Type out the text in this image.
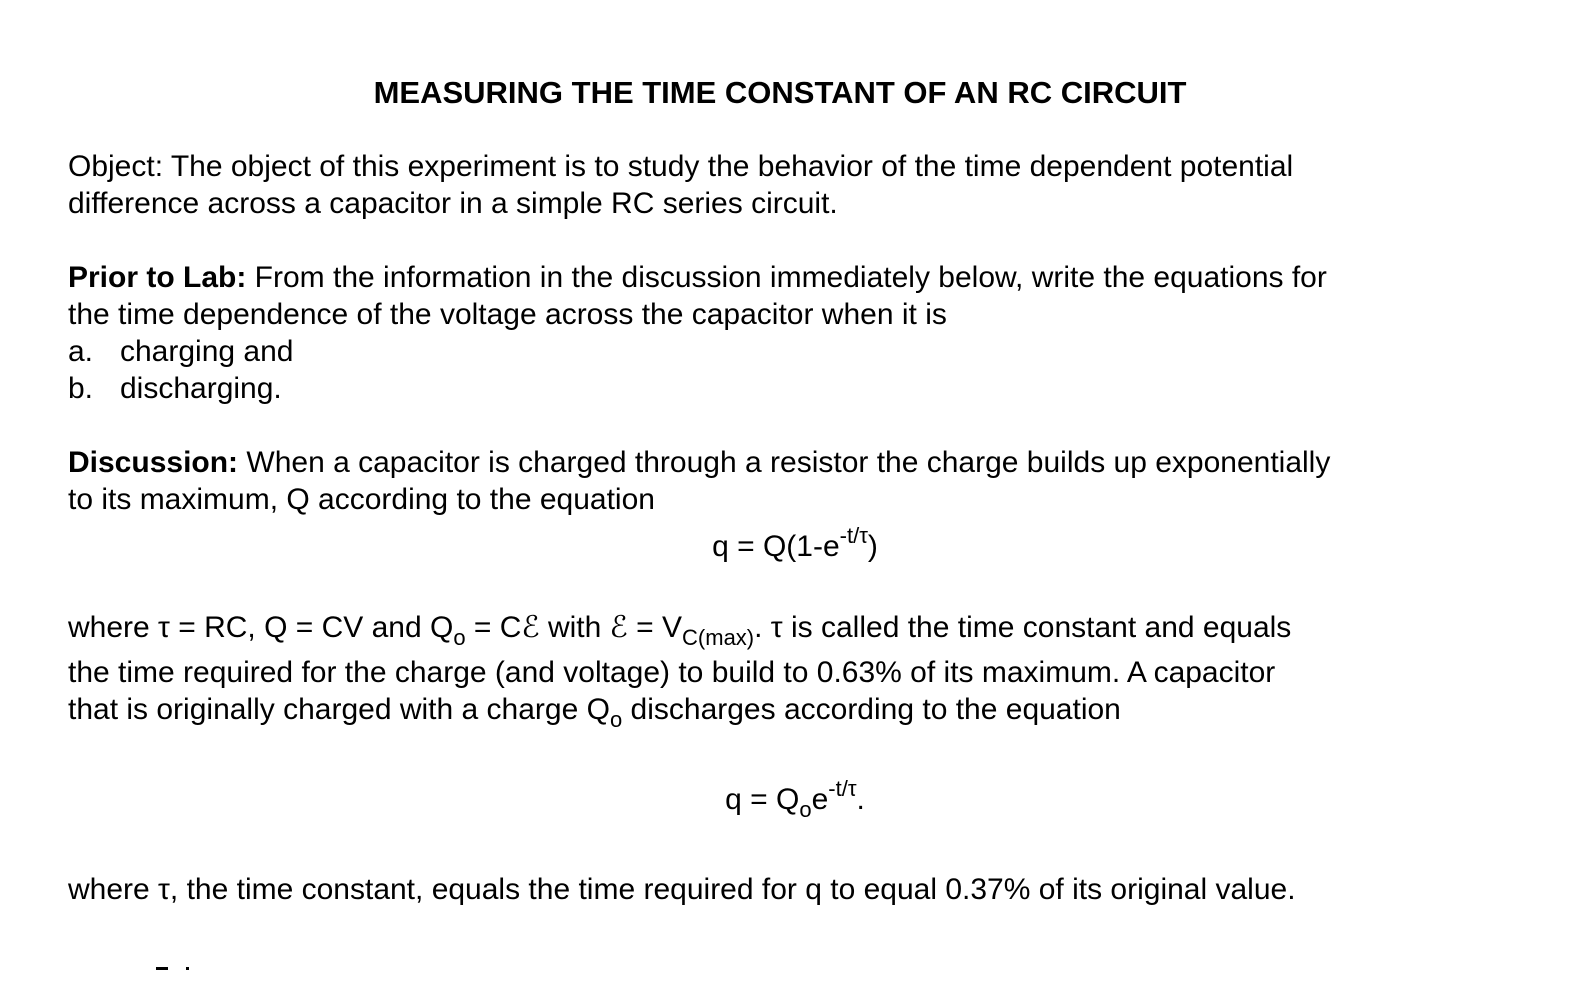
MEASURING THE TIME CONSTANT OF AN RC CIRCUIT
Object: The object of this experiment is to study the behavior of the time dependent potential
difference across a capacitor in a simple RC series circuit.
Prior to Lab: From the information in the discussion immediately below, write the equations for
the time dependence of the voltage across the capacitor when it is
a. charging and
b. discharging.
Discussion: When a capacitor is charged through a resistor the charge builds up exponentially
to its maximum, Q according to the equation
$q = Q(1-e^{-t/\tau})$
where τ = RC, Q = CV and $Q_o$ = Cℰ with ℰ = $V_{C(max)}$. τ is called the time constant and equals
the time required for the charge (and voltage) to build to 0.63% of its maximum. A capacitor
that is originally charged with a charge $Q_o$ discharges according to the equation
$q = Q_oe^{-t/\tau}$.
where τ, the time constant, equals the time required for q to equal 0.37% of its original value.
